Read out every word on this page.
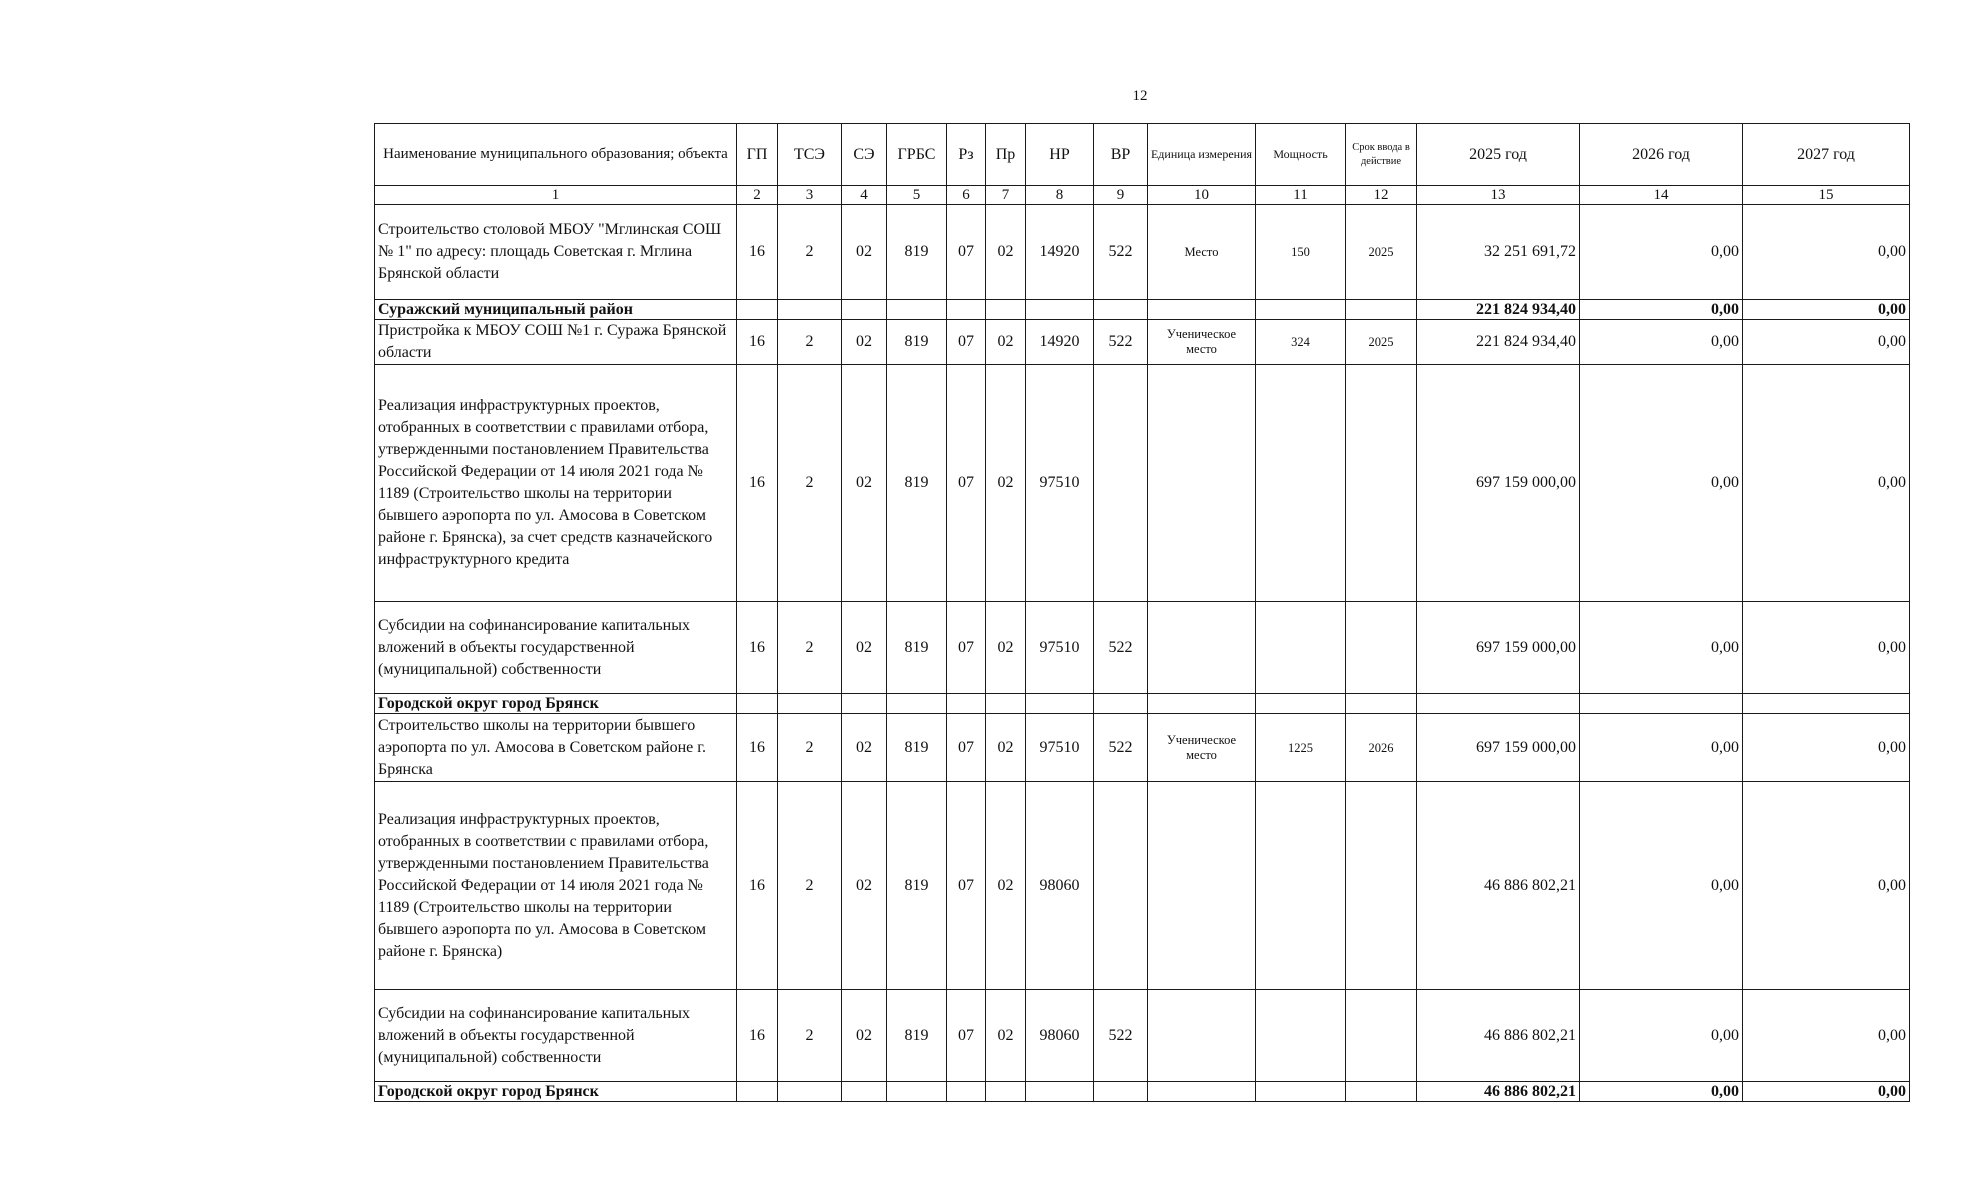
12
Наименование муниципального образования; объекта	ГП	ТСЭ	СЭ	ГРБС	Рз	Пр	НР	ВР	Единица измерения	Мощность	Срок ввода в действие	2025 год	2026 год	2027 год
1	2	3	4	5	6	7	8	9	10	11	12	13	14	15
Строительство столовой МБОУ "Мглинская СОШ № 1" по адресу: площадь Советская г. Мглина Брянской области	16	2	02	819	07	02	14920	522	Место	150	2025	32 251 691,72	0,00	0,00
Суражский муниципальный район												221 824 934,40	0,00	0,00
Пристройка к МБОУ СОШ №1 г. Суража Брянской области	16	2	02	819	07	02	14920	522	Ученическое место	324	2025	221 824 934,40	0,00	0,00
Реализация инфраструктурных проектов, отобранных в соответствии с правилами отбора, утвержденными постановлением Правительства Российской Федерации от 14 июля 2021 года № 1189 (Строительство школы на территории бывшего аэропорта по ул. Амосова в Советском районе г. Брянска), за счет средств казначейского инфраструктурного кредита	16	2	02	819	07	02	97510					697 159 000,00	0,00	0,00
Субсидии на софинансирование капитальных вложений в объекты государственной (муниципальной) собственности	16	2	02	819	07	02	97510	522				697 159 000,00	0,00	0,00
Городской округ город Брянск														
Строительство школы на территории бывшего аэропорта по ул. Амосова в Советском районе г. Брянска	16	2	02	819	07	02	97510	522	Ученическое место	1225	2026	697 159 000,00	0,00	0,00
Реализация инфраструктурных проектов, отобранных в соответствии с правилами отбора, утвержденными постановлением Правительства Российской Федерации от 14 июля 2021 года № 1189 (Строительство школы на территории бывшего аэропорта по ул. Амосова в Советском районе г. Брянска)	16	2	02	819	07	02	98060					46 886 802,21	0,00	0,00
Субсидии на софинансирование капитальных вложений в объекты государственной (муниципальной) собственности	16	2	02	819	07	02	98060	522				46 886 802,21	0,00	0,00
Городской округ город Брянск												46 886 802,21	0,00	0,00
